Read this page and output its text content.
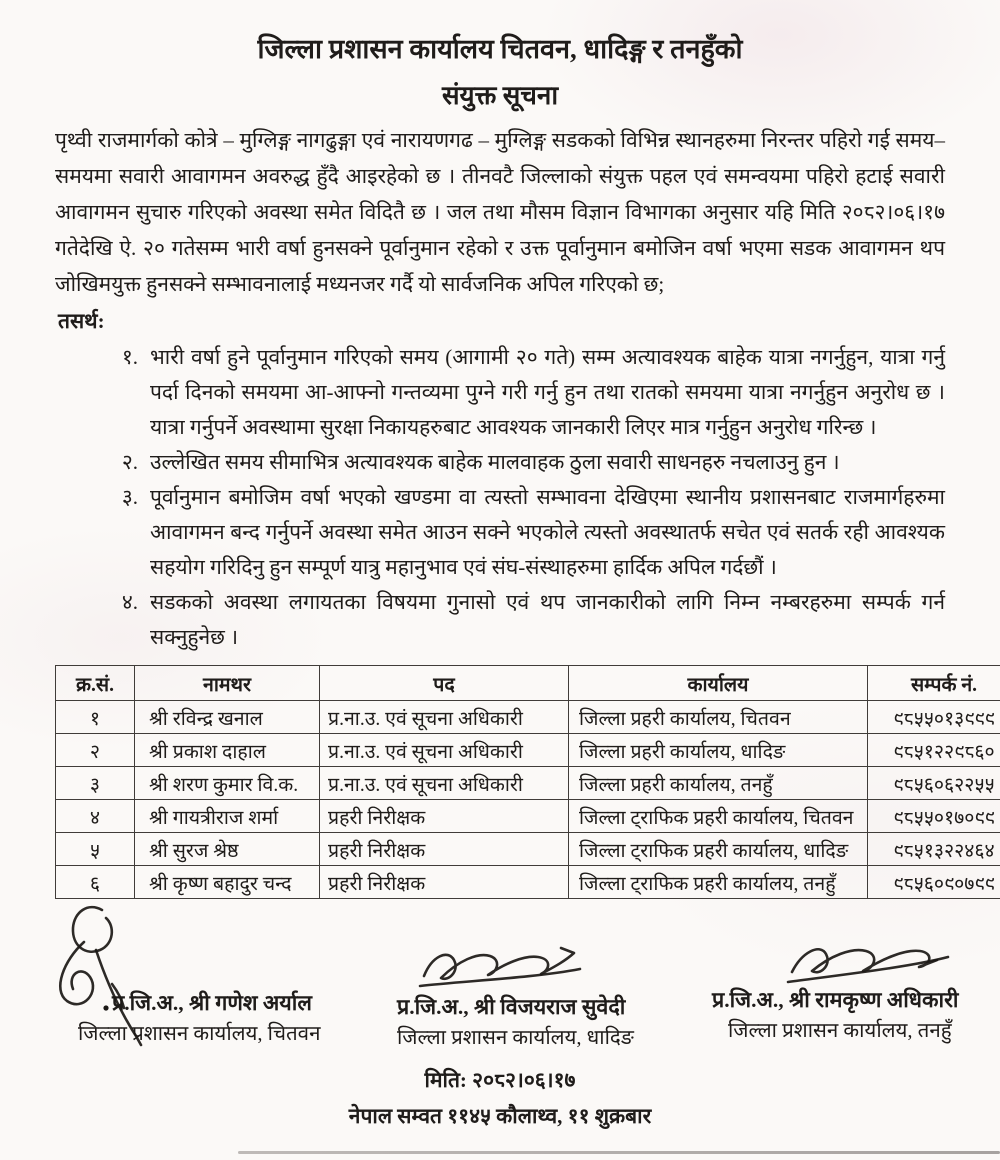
जिल्ला प्रशासन कार्यालय चितवन, धादिङ्ग र तनहुँको
संयुक्त सूचना

पृथ्वी राजमार्गको कोत्रे – मुग्लिङ्ग नागढुङ्गा एवं नारायणगढ – मुग्लिङ्ग सडकको विभिन्न स्थानहरुमा निरन्तर पहिरो गई समय–समयमा सवारी आवागमन अवरुद्ध हुँदै आइरहेको छ । तीनवटै जिल्लाको संयुक्त पहल एवं समन्वयमा पहिरो हटाई सवारी आवागमन सुचारु गरिएको अवस्था समेत विदितै छ । जल तथा मौसम विज्ञान विभागका अनुसार यहि मिति २०८२।०६।१७ गतेदेखि ऐ. २० गतेसम्म भारी वर्षा हुनसक्ने पूर्वानुमान रहेको र उक्त पूर्वानुमान बमोजिन वर्षा भएमा सडक आवागमन थप जोखिमयुक्त हुनसक्ने सम्भावनालाई मध्यनजर गर्दै यो सार्वजनिक अपिल गरिएको छ;

तसर्थ:
१. भारी वर्षा हुने पूर्वानुमान गरिएको समय (आगामी २० गते) सम्म अत्यावश्यक बाहेक यात्रा नगर्नुहुन, यात्रा गर्नु पर्दा दिनको समयमा आ-आफ्नो गन्तव्यमा पुग्ने गरी गर्नु हुन तथा रातको समयमा यात्रा नगर्नुहुन अनुरोध छ । यात्रा गर्नुपर्ने अवस्थामा सुरक्षा निकायहरुबाट आवश्यक जानकारी लिएर मात्र गर्नुहुन अनुरोध गरिन्छ ।
२. उल्लेखित समय सीमाभित्र अत्यावश्यक बाहेक मालवाहक ठुला सवारी साधनहरु नचलाउनु हुन ।
३. पूर्वानुमान बमोजिम वर्षा भएको खण्डमा वा त्यस्तो सम्भावना देखिएमा स्थानीय प्रशासनबाट राजमार्गहरुमा आवागमन बन्द गर्नुपर्ने अवस्था समेत आउन सक्ने भएकोले त्यस्तो अवस्थातर्फ सचेत एवं सतर्क रही आवश्यक सहयोग गरिदिनु हुन सम्पूर्ण यात्रु महानुभाव एवं संघ-संस्थाहरुमा हार्दिक अपिल गर्दछौं ।
४. सडकको अवस्था लगायतका विषयमा गुनासो एवं थप जानकारीको लागि निम्न नम्बरहरुमा सम्पर्क गर्न सक्नुहुनेछ ।
क्र.सं.	नामथर	पद	कार्यालय	सम्पर्क नं.
१	श्री रविन्द्र खनाल	प्र.ना.उ. एवं सूचना अधिकारी	जिल्ला प्रहरी कार्यालय, चितवन	९८५५०१३९९९
२	श्री प्रकाश दाहाल	प्र.ना.उ. एवं सूचना अधिकारी	जिल्ला प्रहरी कार्यालय, धादिङ	९८५१२२९८६०
३	श्री शरण कुमार वि.क.	प्र.ना.उ. एवं सूचना अधिकारी	जिल्ला प्रहरी कार्यालय, तनहुँ	९८५६०६२२५५
४	श्री गायत्रीराज शर्मा	प्रहरी निरीक्षक	जिल्ला ट्राफिक प्रहरी कार्यालय, चितवन	९८५५०१७०९९
५	श्री सुरज श्रेष्ठ	प्रहरी निरीक्षक	जिल्ला ट्राफिक प्रहरी कार्यालय, धादिङ	९८५१३२२४६४
६	श्री कृष्ण बहादुर चन्द	प्रहरी निरीक्षक	जिल्ला ट्राफिक प्रहरी कार्यालय, तनहुँ	९८५६०९०७९९
प्र.जि.अ., श्री गणेश अर्याल
जिल्ला प्रशासन कार्यालय, चितवन
प्र.जि.अ., श्री विजयराज सुवेदी
जिल्ला प्रशासन कार्यालय, धादिङ
प्र.जि.अ., श्री रामकृष्ण अधिकारी
जिल्ला प्रशासन कार्यालय, तनहुँ
मिति: २०८२।०६।१७
नेपाल सम्वत ११४५ कौलाथ्व, ११ शुक्रबार
